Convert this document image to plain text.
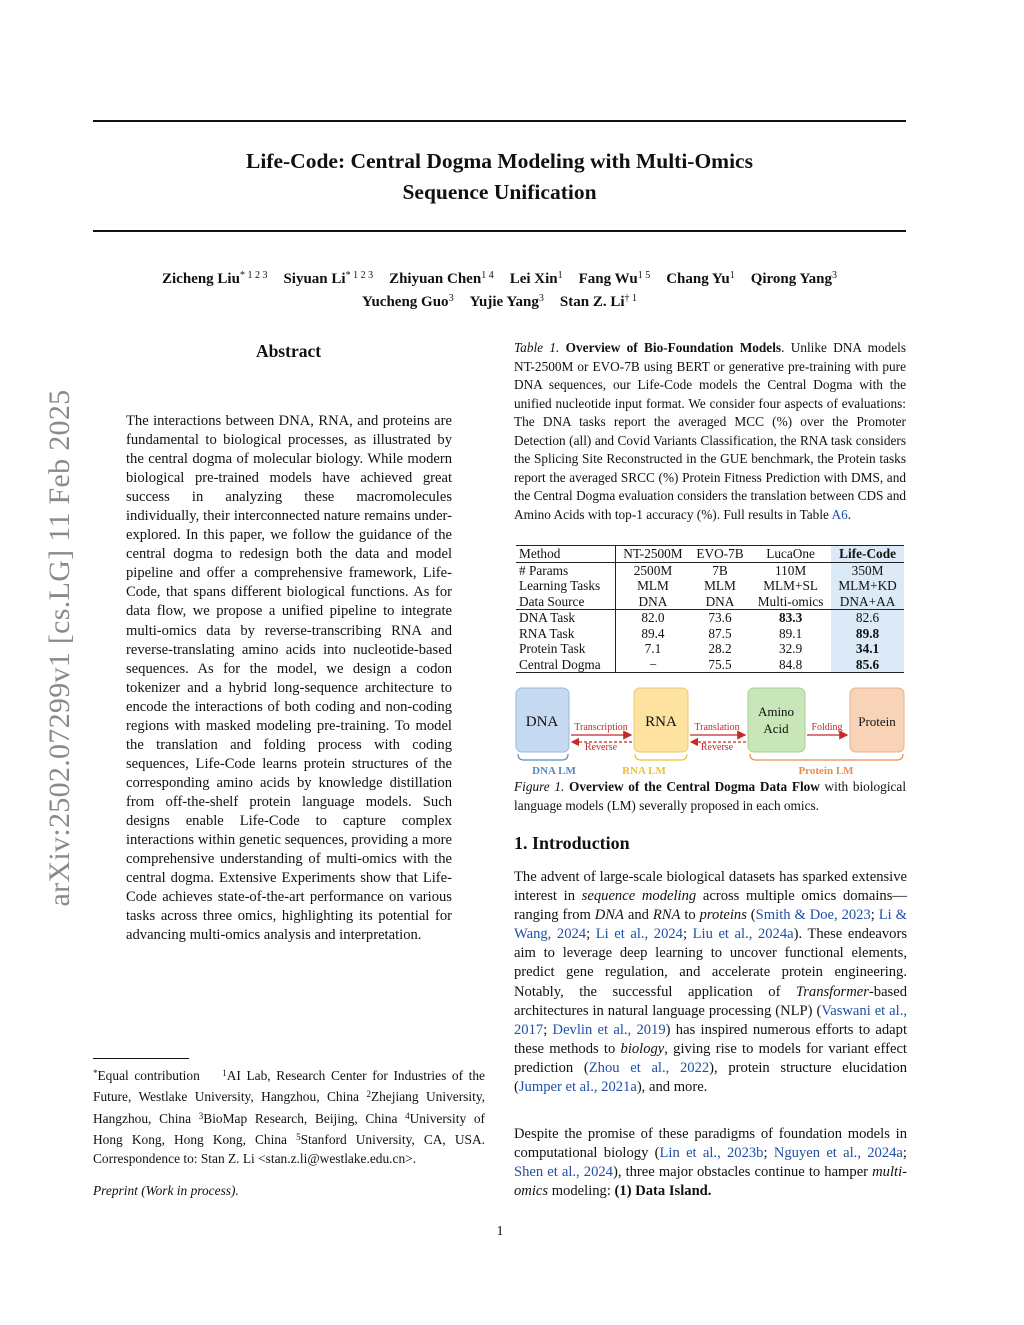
arXiv:2502.07299v1 [cs.LG] 11 Feb 2025
Life-Code: Central Dogma Modeling with Multi-Omics
Sequence Unification
Zicheng Liu$^{* 1 2 3}$ Siyuan $Li^{* 1 2 3}$ Zhiyuan Chen$^{1 4}$ Lei Xin$^1$ Fang $Wu^{1 5}$ Chang Yu$^1$ Qirong Yang$^3$
Yucheng Guo$^3$ Yujie Yang$^3$ Stan Z. Li$^{\dagger 1}$
Abstract
The interactions between DNA, RNA, and proteins are fundamental to biological processes, as illustrated by the central dogma of molecular biology. While modern biological pre-trained models have achieved great success in analyzing these macromolecules individually, their interconnected nature remains under-explored. In this paper, we follow the guidance of the central dogma to redesign both the data and model pipeline and offer a comprehensive framework, Life-Code, that spans different biological functions. As for data flow, we propose a unified pipeline to integrate multi-omics data by reverse-transcribing RNA and reverse-translating amino acids into nucleotide-based sequences. As for the model, we design a codon tokenizer and a hybrid long-sequence architecture to encode the interactions of both coding and non-coding regions with masked modeling pre-training. To model the translation and folding process with coding sequences, Life-Code learns protein structures of the corresponding amino acids by knowledge distillation from off-the-shelf protein language models. Such designs enable Life-Code to capture complex interactions within genetic sequences, providing a more comprehensive understanding of multi-omics with the central dogma. Extensive Experiments show that Life-Code achieves state-of-the-art performance on various tasks across three omics, highlighting its potential for advancing multi-omics analysis and interpretation.
*Equal contribution $^1$AI Lab, Research Center for Industries of the Future, Westlake University, Hangzhou, China $^2$Zhejiang University, Hangzhou, China $^3$BioMap Research, Beijing, China $^4$University of Hong Kong, Hong Kong, China $^5$Stanford University, CA, USA. Correspondence to: Stan Z. Li <stan.z.li@westlake.edu.cn>.
Preprint (Work in process).
Table 1. Overview of Bio-Foundation Models. Unlike DNA models NT-2500M or EVO-7B using BERT or generative pre-training with pure DNA sequences, our Life-Code models the Central Dogma with the unified nucleotide input format. We consider four aspects of evaluations: The DNA tasks report the averaged MCC (%) over the Promoter Detection (all) and Covid Variants Classification, the RNA task considers the Splicing Site Reconstructed in the GUE benchmark, the Protein tasks report the averaged SRCC (%) Protein Fitness Prediction with DMS, and the Central Dogma evaluation considers the translation between CDS and Amino Acids with top-1 accuracy (%). Full results in Table A6.
Method	NT-2500M	EVO-7B	LucaOne	Life-Code
# Params	2500M	7B	110M	350M
Learning Tasks	MLM	MLM	MLM+SL	MLM+KD
Data Source	DNA	DNA	Multi-omics	DNA+AA
DNA Task	82.0	73.6	83.3	82.6
RNA Task	89.4	87.5	89.1	89.8
Protein Task	7.1	28.2	32.9	34.1
Central Dogma	−	75.5	84.8	85.6
DNA	RNA
Amino
Acid	Protein
Transcription
Reverse
Translation
Reverse
Folding
DNA LM	RNA LM	Protein LM
Figure 1. Overview of the Central Dogma Data Flow with biological language models (LM) severally proposed in each omics.
1. Introduction
The advent of large-scale biological datasets has sparked extensive interest in sequence modeling across multiple omics domains—ranging from DNA and RNA to proteins (Smith & Doe, 2023; Li & Wang, 2024; Li et al., 2024; Liu et al., 2024a). These endeavors aim to leverage deep learning to uncover functional elements, predict gene regulation, and accelerate protein engineering. Notably, the successful application of Transformer-based architectures in natural language processing (NLP) (Vaswani et al., 2017; Devlin et al., 2019) has inspired numerous efforts to adapt these methods to biology, giving rise to models for variant effect prediction (Zhou et al., 2022), protein structure elucidation (Jumper et al., 2021a), and more.
Despite the promise of these paradigms of foundation models in computational biology (Lin et al., 2023b; Nguyen et al., 2024a; Shen et al., 2024), three major obstacles continue to hamper multi-omics modeling: (1) Data Island.
1
